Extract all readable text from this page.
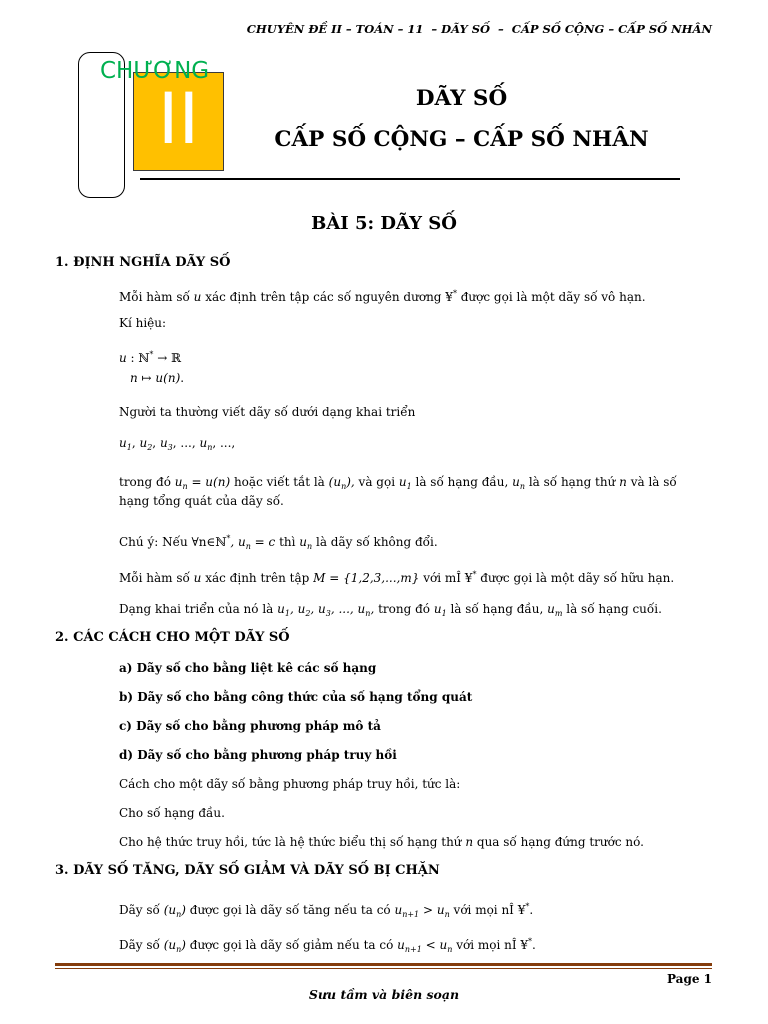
CHUYÊN ĐỀ II – TOÁN – 11  – DÃY SỐ  –  CẤP SỐ CỘNG – CẤP SỐ NHÂN
II
CHƯƠNG
DÃY SỐ
CẤP SỐ CỘNG – CẤP SỐ NHÂN
BÀI 5: DÃY SỐ
1. ĐỊNH NGHĨA DÃY SỐ
Mỗi hàm số u xác định trên tập các số nguyên dương ¥* được gọi là một dãy số vô hạn.
Kí hiệu:
u : ℕ* → ℝ
n ↦ u(n).
Người ta thường viết dãy số dưới dạng khai triển
$u_1$, $u_2$, $u_3$, ..., $u_n$, ...,
trong đó $u_n = u(n)$ hoặc viết tắt là $(u_n)$, và gọi $u_1$ là số hạng đầu, $u_n$ là số hạng thứ n và là số
hạng tổng quát của dãy số.
Chú ý: Nếu ∀n∈ℕ*, $u_n = c$ thì $u_n$ là dãy số không đổi.
Mỗi hàm số u xác định trên tập M = {1,2,3,...,m} với mÎ ¥* được gọi là một dãy số hữu hạn.
Dạng khai triển của nó là $u_1$, $u_2$, $u_3$, ..., $u_n$, trong đó $u_1$ là số hạng đầu, $u_m$ là số hạng cuối.
2. CÁC CÁCH CHO MỘT DÃY SỐ
a) Dãy số cho bằng liệt kê các số hạng
b) Dãy số cho bằng công thức của số hạng tổng quát
c) Dãy số cho bằng phương pháp mô tả
d) Dãy số cho bằng phương pháp truy hồi
Cách cho một dãy số bằng phương pháp truy hồi, tức là:
Cho số hạng đầu.
Cho hệ thức truy hồi, tức là hệ thức biểu thị số hạng thứ n qua số hạng đứng trước nó.
3. DÃY SỐ TĂNG, DÃY SỐ GIẢM VÀ DÃY SỐ BỊ CHẶN
Dãy số $(u_n)$ được gọi là dãy số tăng nếu ta có $u_{n+1} > u_n$ với mọi nÎ ¥*.
Dãy số $(u_n)$ được gọi là dãy số giảm nếu ta có $u_{n+1} < u_n$ với mọi nÎ ¥*.
Page 1
Sưu tầm và biên soạn
